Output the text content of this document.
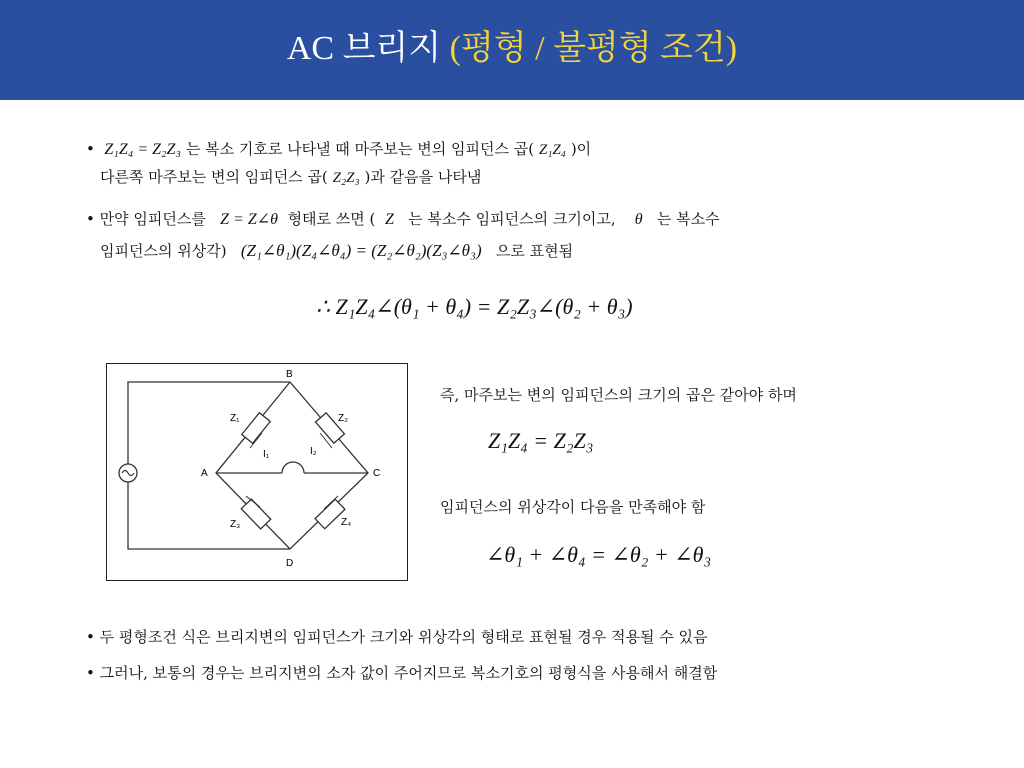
AC 브리지 (평형 / 불평형 조건)
• Z₁Z₄ = Z₂Z₃ 는 복소 기호로 나타낼 때 마주보는 변의 임피던스 곱( Z₁Z₄ )이
다른쪽 마주보는 변의 임피던스 곱( Z₂Z₃ )과 같음을 나타냄
• 만약 임피던스를 Z = Z∠θ 형태로 쓰면 ( Z 는 복소수 임피던스의 크기이고, θ 는 복소수
임피던스의 위상각) (Z₁∠θ₁)(Z₄∠θ₄) = (Z₂∠θ₂)(Z₃∠θ₃) 으로 표현됨
∴ Z₁Z₄∠(θ₁ + θ₄) = Z₂Z₃∠(θ₂ + θ₃)
B
A	C
D
Z₁	Z₂
Z₃	Z₄
I₁	I₂
즉, 마주보는 변의 임피던스의 크기의 곱은 같아야 하며
Z₁Z₄ = Z₂Z₃
임피던스의 위상각이 다음을 만족해야 함
∠θ₁ + ∠θ₄ = ∠θ₂ + ∠θ₃
• 두 평형조건 식은 브리지변의 임피던스가 크기와 위상각의 형태로 표현될 경우 적용될 수 있음
• 그러나, 보통의 경우는 브리지변의 소자 값이 주어지므로 복소기호의 평형식을 사용해서 해결함
